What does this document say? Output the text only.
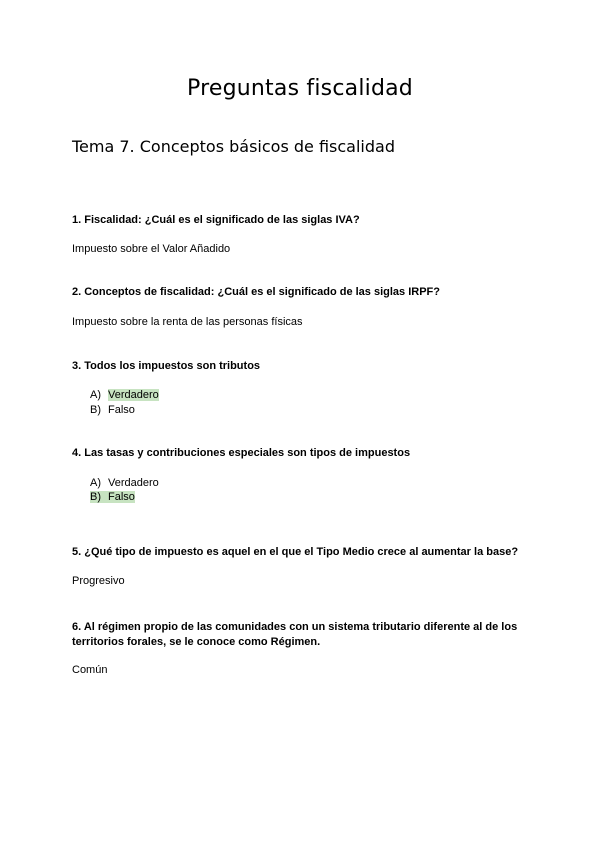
Preguntas fiscalidad
Tema 7. Conceptos básicos de fiscalidad
1. Fiscalidad: ¿Cuál es el significado de las siglas IVA?
Impuesto sobre el Valor Añadido
2. Conceptos de fiscalidad: ¿Cuál es el significado de las siglas IRPF?
Impuesto sobre la renta de las personas físicas
3. Todos los impuestos son tributos
A) Verdadero
B) Falso
4. Las tasas y contribuciones especiales son tipos de impuestos
A) Verdadero
B) Falso
5. ¿Qué tipo de impuesto es aquel en el que el Tipo Medio crece al aumentar la base?
Progresivo
6. Al régimen propio de las comunidades con un sistema tributario diferente al de los territorios forales, se le conoce como Régimen.
Común
